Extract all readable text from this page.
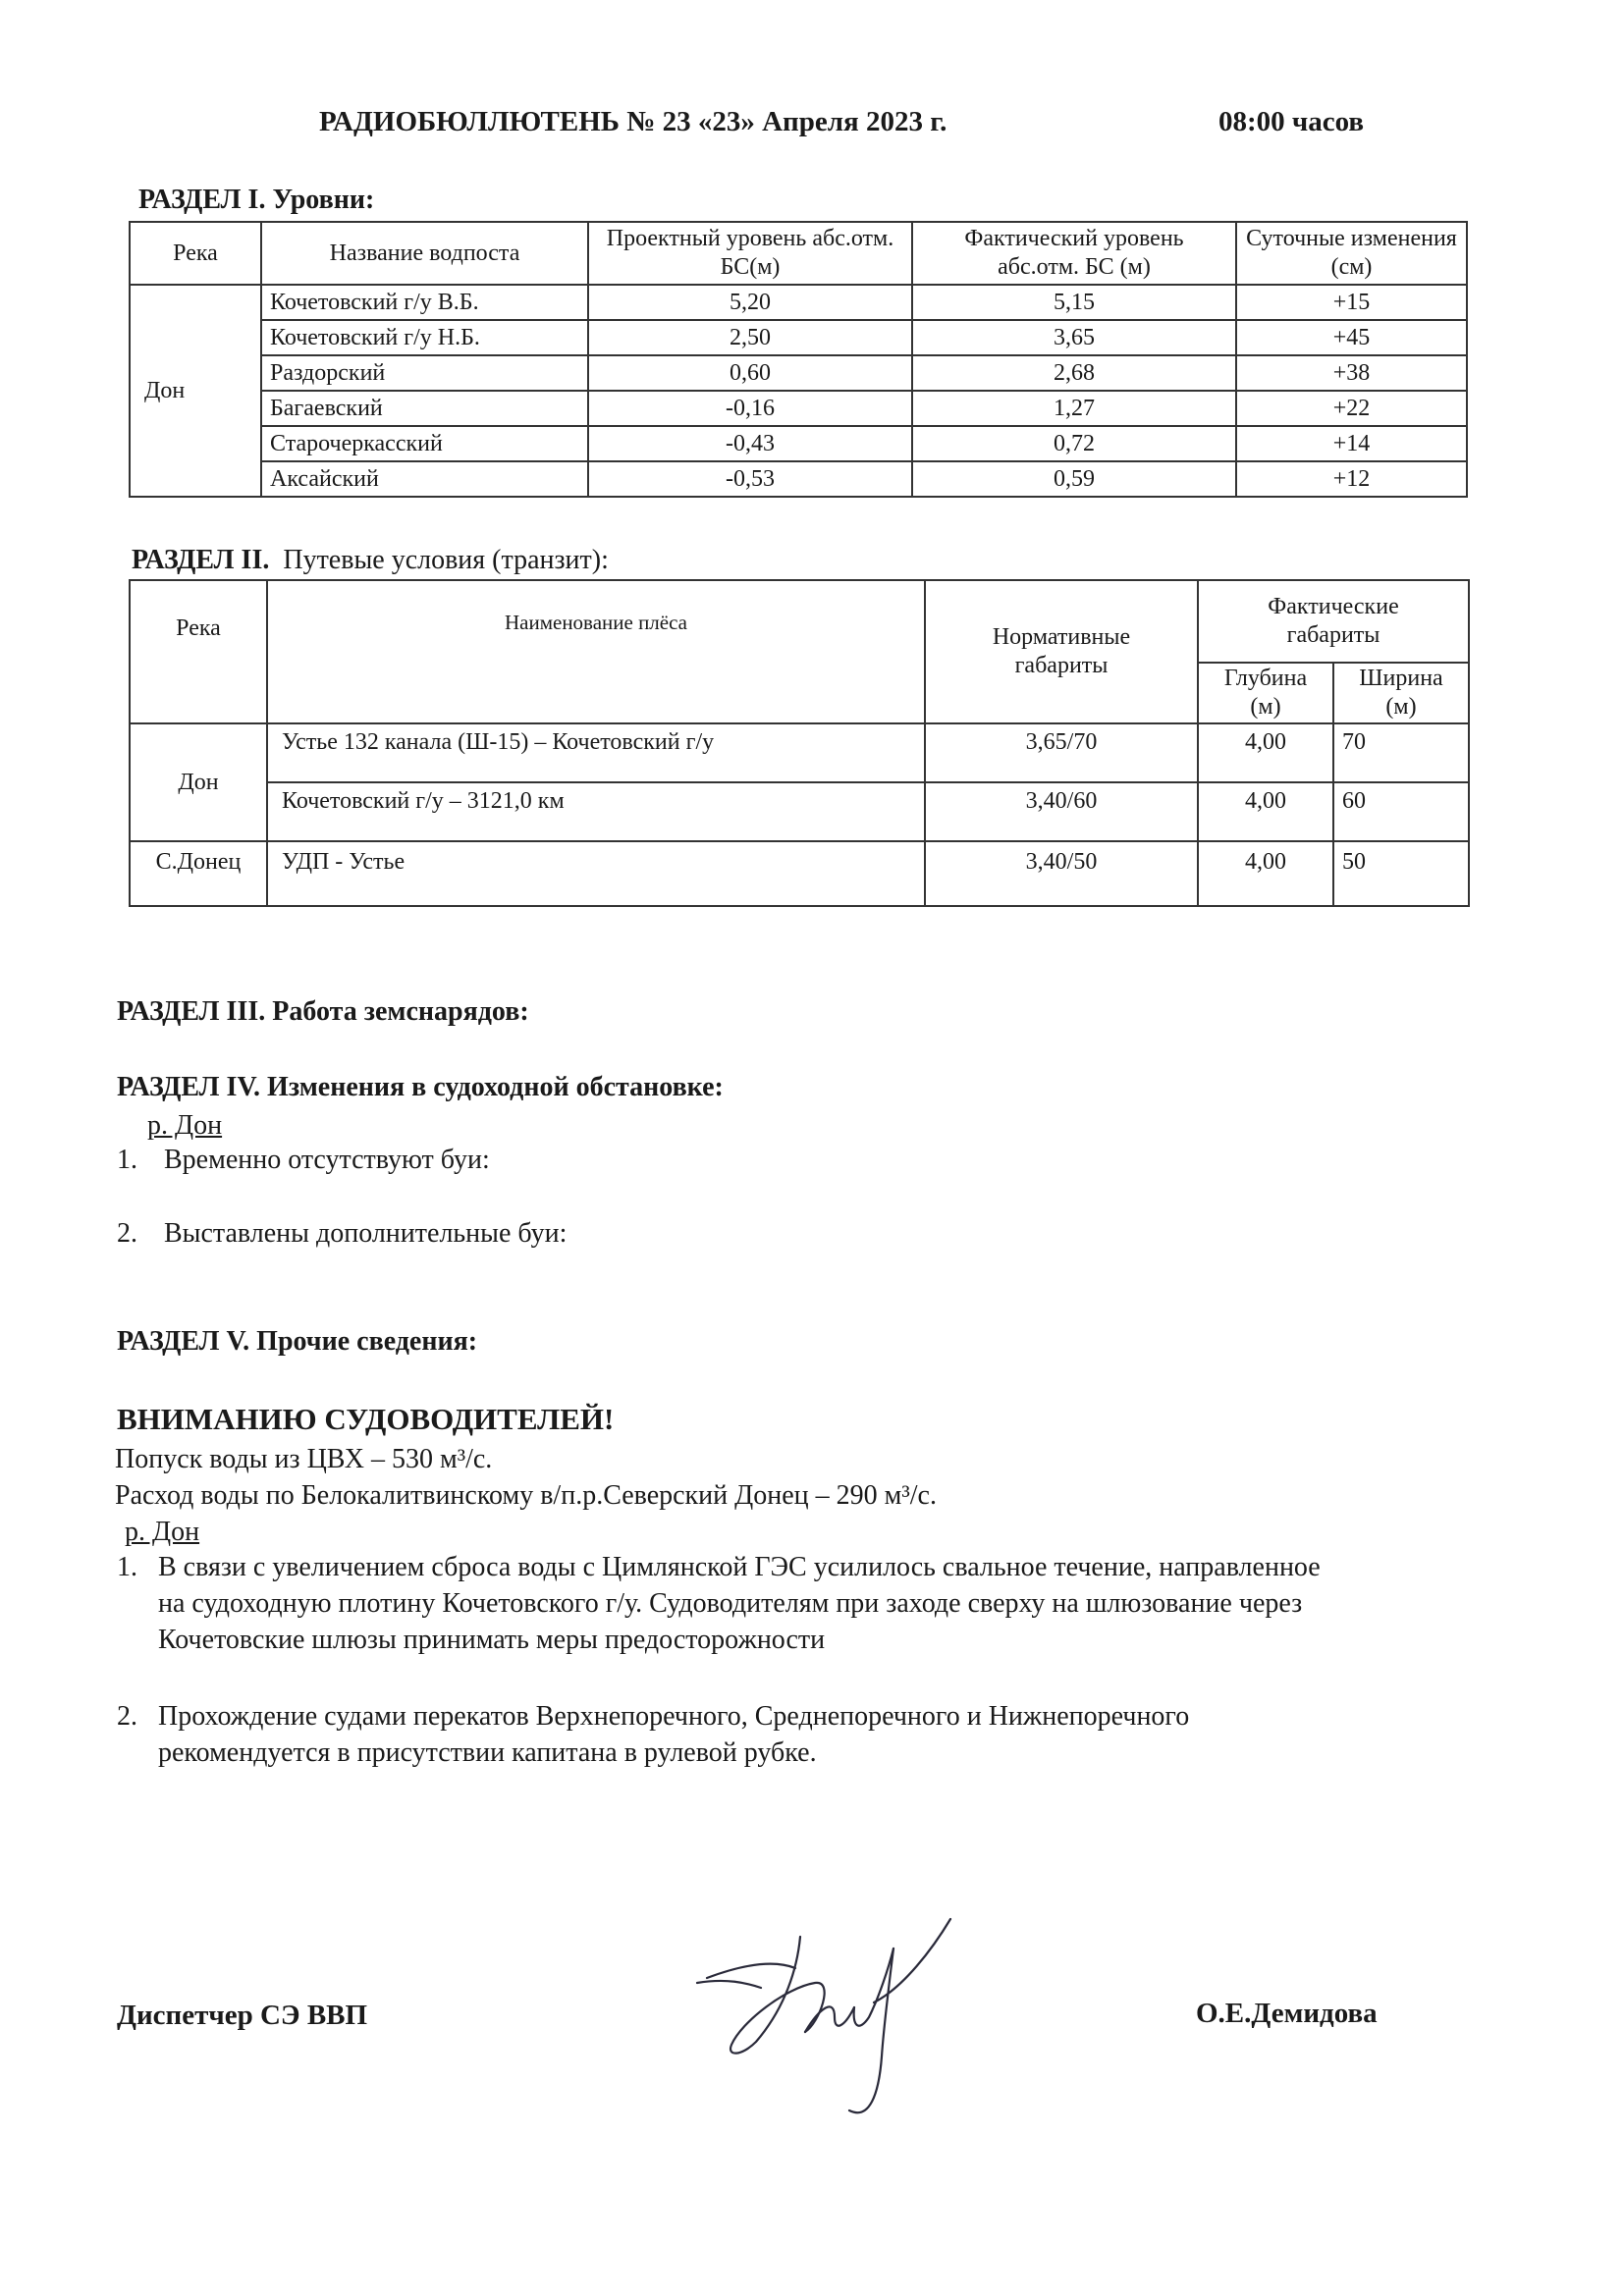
РАДИОБЮЛЛЮТЕНЬ № 23 «23» Апреля 2023 г.	08:00 часов
РАЗДЕЛ I. Уровни:
Река	Название водпоста	Проектный уровень абс.отм. БС(м)	Фактический уровень абс.отм. БС (м)	Суточные изменения (см)
Дон	Кочетовский г/у В.Б.	5,20	5,15	+15
	Кочетовский г/у Н.Б.	2,50	3,65	+45
	Раздорский	0,60	2,68	+38
	Багаевский	-0,16	1,27	+22
	Старочеркасский	-0,43	0,72	+14
	Аксайский	-0,53	0,59	+12
РАЗДЕЛ II. Путевые условия (транзит):
Река	Наименование плёса	Нормативные габариты	Фактические габариты	
			Глубина (м)	Ширина (м)
Дон	Устье 132 канала (Ш-15) – Кочетовский г/у	3,65/70	4,00	70
	Кочетовский г/у – 3121,0 км	3,40/60	4,00	60
С.Донец	УДП - Устье	3,40/50	4,00	50
РАЗДЕЛ III. Работа земснарядов:
РАЗДЕЛ IV. Изменения в судоходной обстановке:
р. Дон
1. Временно отсутствуют буи:
2. Выставлены дополнительные буи:
РАЗДЕЛ V. Прочие сведения:
ВНИМАНИЮ СУДОВОДИТЕЛЕЙ!
Попуск воды из ЦВХ – 530 м³/с.
Расход воды по Белокалитвинскому в/п.р.Северский Донец – 290 м³/с.
р. Дон
1. В связи с увеличением сброса воды с Цимлянской ГЭС усилилось свальное течение, направленное
на судоходную плотину Кочетовского г/у. Судоводителям при заходе сверху на шлюзование через
Кочетовские шлюзы принимать меры предосторожности
2. Прохождение судами перекатов Верхнепоречного, Среднепоречного и Нижнепоречного
рекомендуется в присутствии капитана в рулевой рубке.
Диспетчер СЭ ВВП	О.Е.Демидова
